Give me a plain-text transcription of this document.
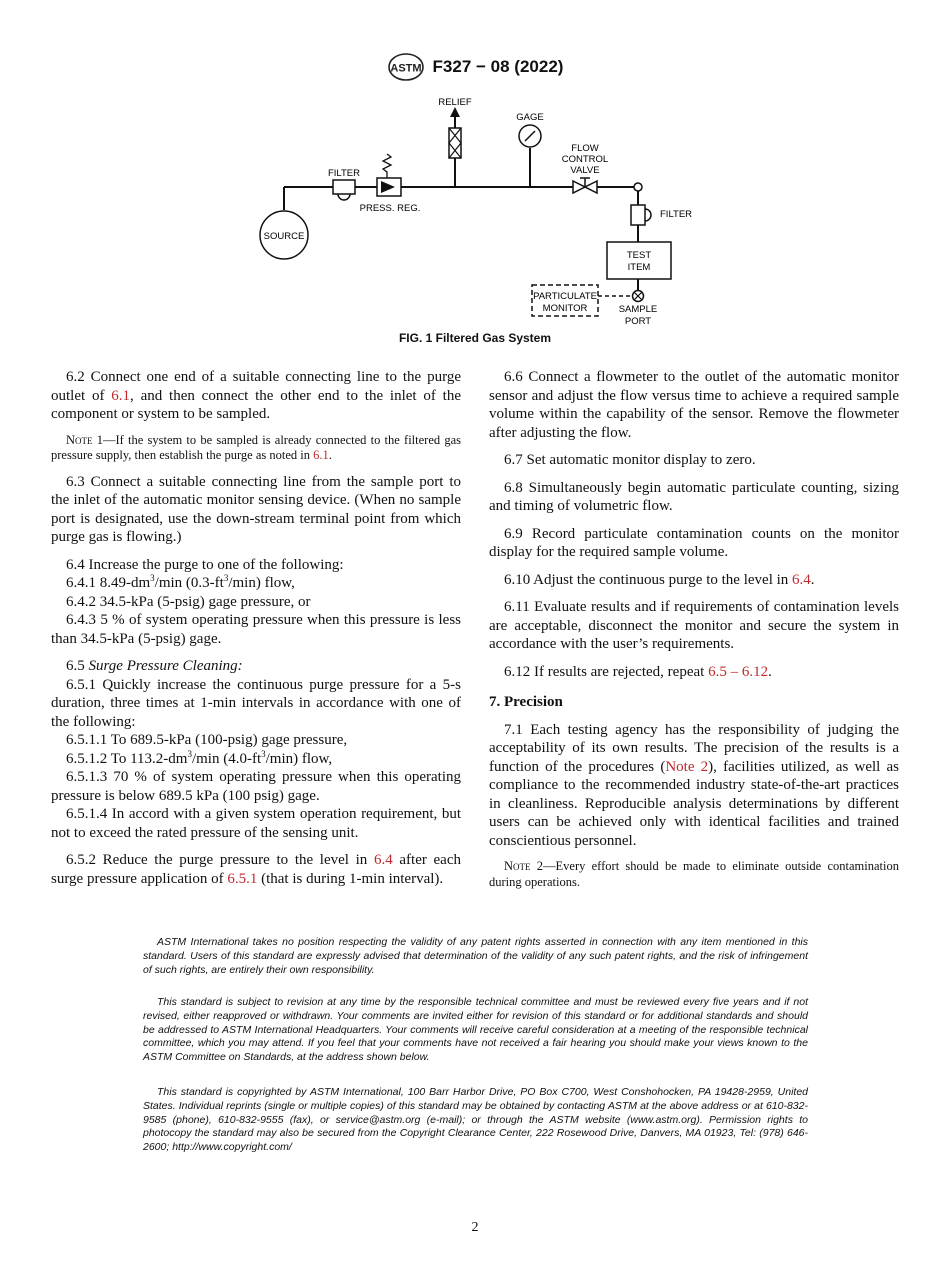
ASTM F327 − 08 (2022)
SOURCE
FILTER
PRESS. REG.
RELIEF
GAGE
FLOW
CONTROL
VALVE
FILTER
TEST
ITEM
SAMPLE
PORT
PARTICULATE
MONITOR
FIG. 1 Filtered Gas System

6.2 Connect one end of a suitable connecting line to the purge outlet of 6.1, and then connect the other end to the inlet of the component or system to be sampled.

Note 1—If the system to be sampled is already connected to the filtered gas pressure supply, then establish the purge as noted in 6.1.

6.3 Connect a suitable connecting line from the sample port to the inlet of the automatic monitor sensing device. (When no sample port is designated, use the down-stream terminal point from which purge gas is flowing.)

6.4 Increase the purge to one of the following:

6.4.1 $8.49-dm^3/\min$ $(0.3-ft^3/\min)$ flow,

6.4.2 34.5-kPa (5-psig) gage pressure, or

6.4.3 5 % of system operating pressure when this pressure is less than 34.5-kPa (5-psig) gage.

6.5 Surge Pressure Cleaning:

6.5.1 Quickly increase the continuous purge pressure for a 5-s duration, three times at 1-min intervals in accordance with one of the following:

6.5.1.1 To 689.5-kPa (100-psig) gage pressure,

6.5.1.2 To $113.2-dm^3/\min$ $(4.0-ft^3/\min)$ flow,

6.5.1.3 70 % of system operating pressure when this operating pressure is below 689.5 kPa (100 psig) gage.

6.5.1.4 In accord with a given system operation requirement, but not to exceed the rated pressure of the sensing unit.

6.5.2 Reduce the purge pressure to the level in 6.4 after each surge pressure application of 6.5.1 (that is during 1-min interval).

6.6 Connect a flowmeter to the outlet of the automatic monitor sensor and adjust the flow versus time to achieve a required sample volume within the capability of the sensor. Remove the flowmeter after adjusting the flow.

6.7 Set automatic monitor display to zero.

6.8 Simultaneously begin automatic particulate counting, sizing and timing of volumetric flow.

6.9 Record particulate contamination counts on the monitor display for the required sample volume.

6.10 Adjust the continuous purge to the level in 6.4.

6.11 Evaluate results and if requirements of contamination levels are acceptable, disconnect the monitor and secure the system in accordance with the user’s requirements.

6.12 If results are rejected, repeat 6.5 – 6.12.

7. Precision

7.1 Each testing agency has the responsibility of judging the acceptability of its own results. The precision of the results is a function of the procedures (Note 2), facilities utilized, as well as compliance to the recommended industry state-of-the-art practices in cleanliness. Reproducible analysis determinations by different users can be achieved only with identical facilities and trained conscientious personnel.

Note 2—Every effort should be made to eliminate outside contamination during operations.

ASTM International takes no position respecting the validity of any patent rights asserted in connection with any item mentioned in this standard. Users of this standard are expressly advised that determination of the validity of any such patent rights, and the risk of infringement of such rights, are entirely their own responsibility.

This standard is subject to revision at any time by the responsible technical committee and must be reviewed every five years and if not revised, either reapproved or withdrawn. Your comments are invited either for revision of this standard or for additional standards and should be addressed to ASTM International Headquarters. Your comments will receive careful consideration at a meeting of the responsible technical committee, which you may attend. If you feel that your comments have not received a fair hearing you should make your views known to the ASTM Committee on Standards, at the address shown below.

This standard is copyrighted by ASTM International, 100 Barr Harbor Drive, PO Box C700, West Conshohocken, PA 19428-2959, United States. Individual reprints (single or multiple copies) of this standard may be obtained by contacting ASTM at the above address or at 610-832-9585 (phone), 610-832-9555 (fax), or service@astm.org (e-mail); or through the ASTM website (www.astm.org). Permission rights to photocopy the standard may also be secured from the Copyright Clearance Center, 222 Rosewood Drive, Danvers, MA 01923, Tel: (978) 646-2600; http://www.copyright.com/

2
